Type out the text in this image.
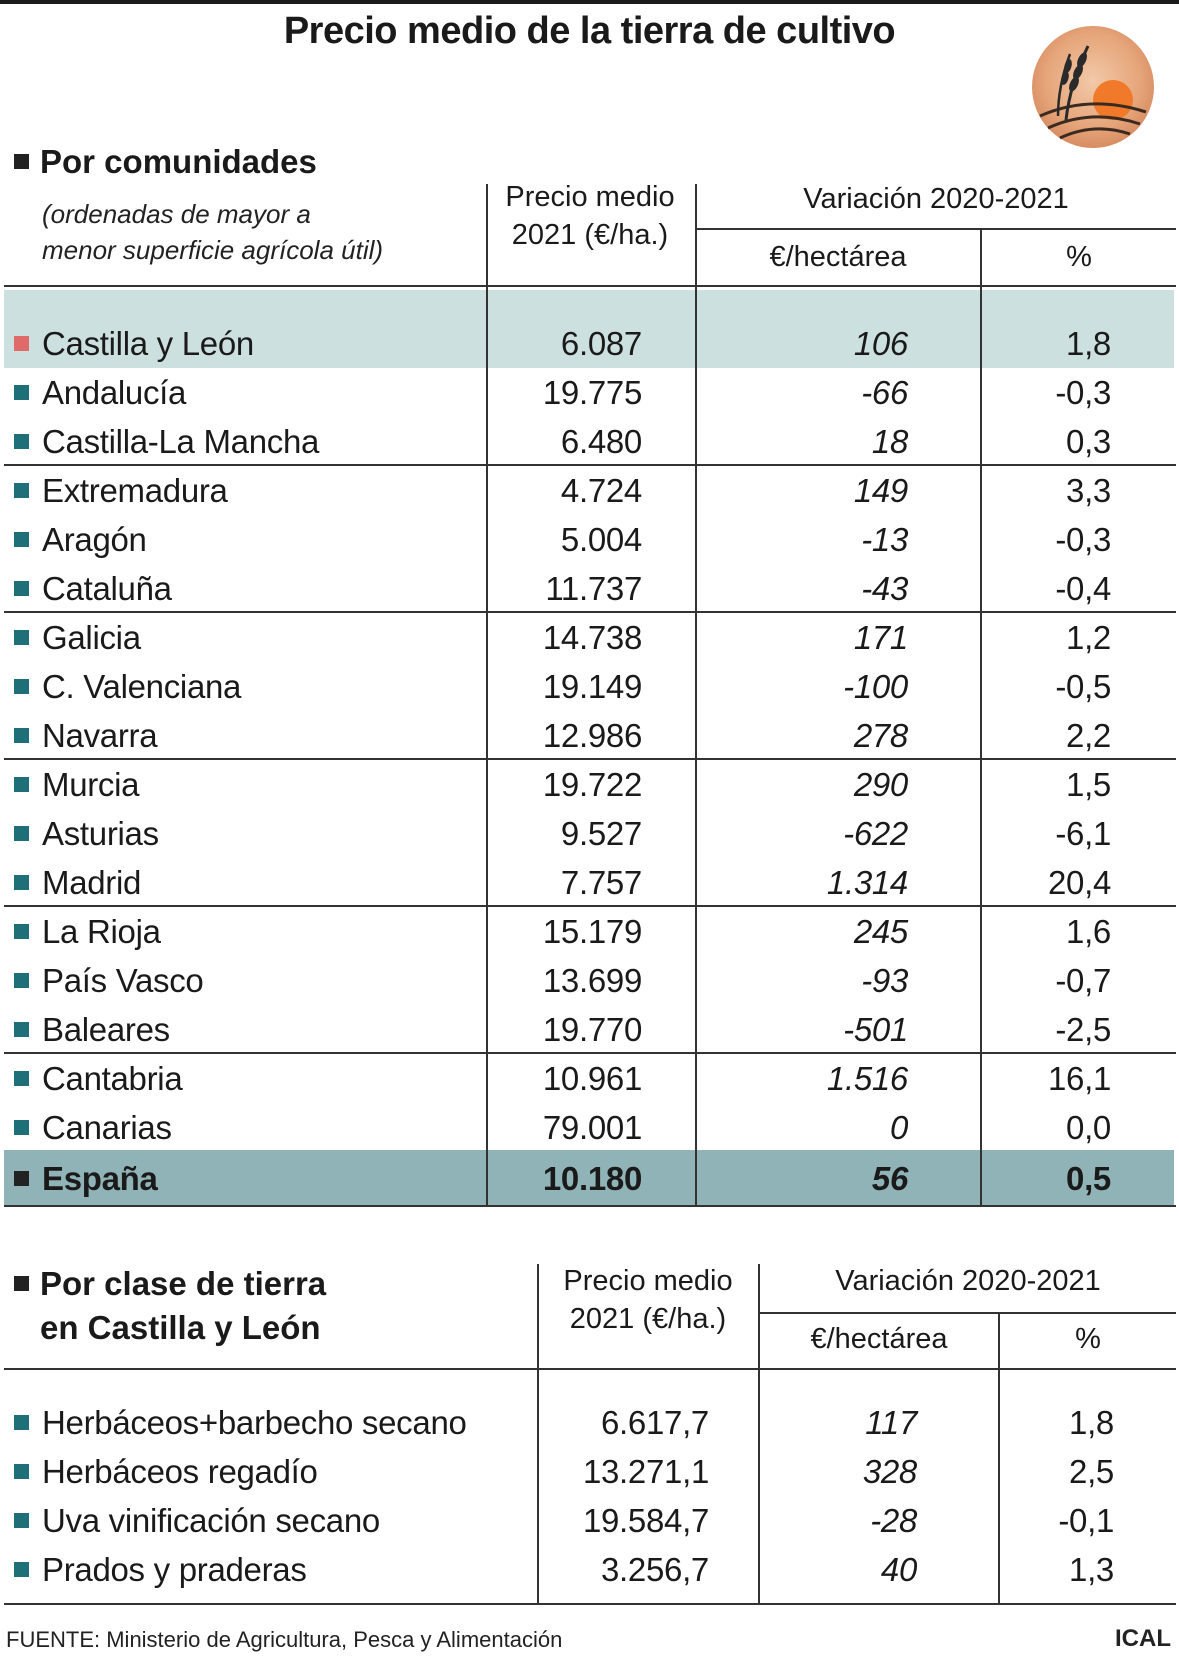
Precio medio de la tierra de cultivo
Por comunidades
(ordenadas de mayor a
menor superficie agrícola útil)
Precio medio
2021 (€/ha.)
Variación 2020-2021
€/hectárea	%
Castilla y León	6.087	106	1,8
Andalucía	19.775	-66	-0,3
Castilla-La Mancha	6.480	18	0,3
Extremadura	4.724	149	3,3
Aragón	5.004	-13	-0,3
Cataluña	11.737	-43	-0,4
Galicia	14.738	171	1,2
C. Valenciana	19.149	-100	-0,5
Navarra	12.986	278	2,2
Murcia	19.722	290	1,5
Asturias	9.527	-622	-6,1
Madrid	7.757	1.314	20,4
La Rioja	15.179	245	1,6
País Vasco	13.699	-93	-0,7
Baleares	19.770	-501	-2,5
Cantabria	10.961	1.516	16,1
Canarias	79.001	0	0,0
España	10.180	56	0,5
Por clase de tierra
en Castilla y León
Precio medio
2021 (€/ha.)
Variación 2020-2021
€/hectárea	%
Herbáceos+barbecho secano	6.617,7	117	1,8
Herbáceos regadío	13.271,1	328	2,5
Uva vinificación secano	19.584,7	-28	-0,1
Prados y praderas	3.256,7	40	1,3
FUENTE: Ministerio de Agricultura, Pesca y Alimentación	ICAL
